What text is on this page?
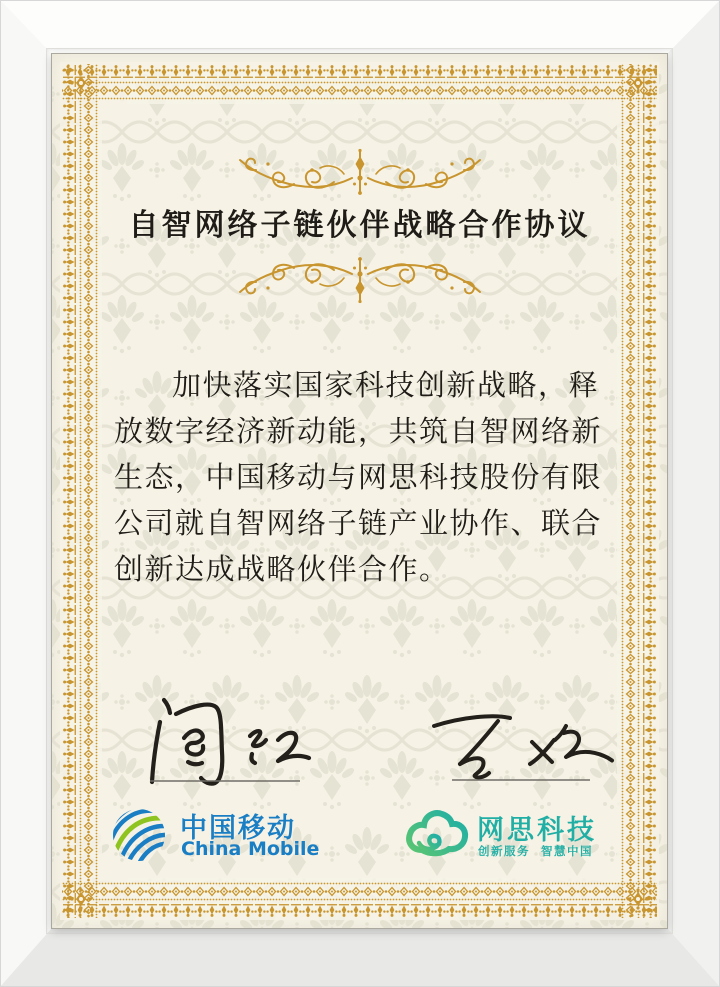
自智网络子链伙伴战略合作协议
加快落实国家科技创新战略，释
放数字经济新动能，共筑自智网络新
生态，中国移动与网思科技股份有限
公司就自智网络子链产业协作、联合
创新达成战略伙伴合作。
中国移动
China Mobile
网思科技
创新服务  智慧中国
